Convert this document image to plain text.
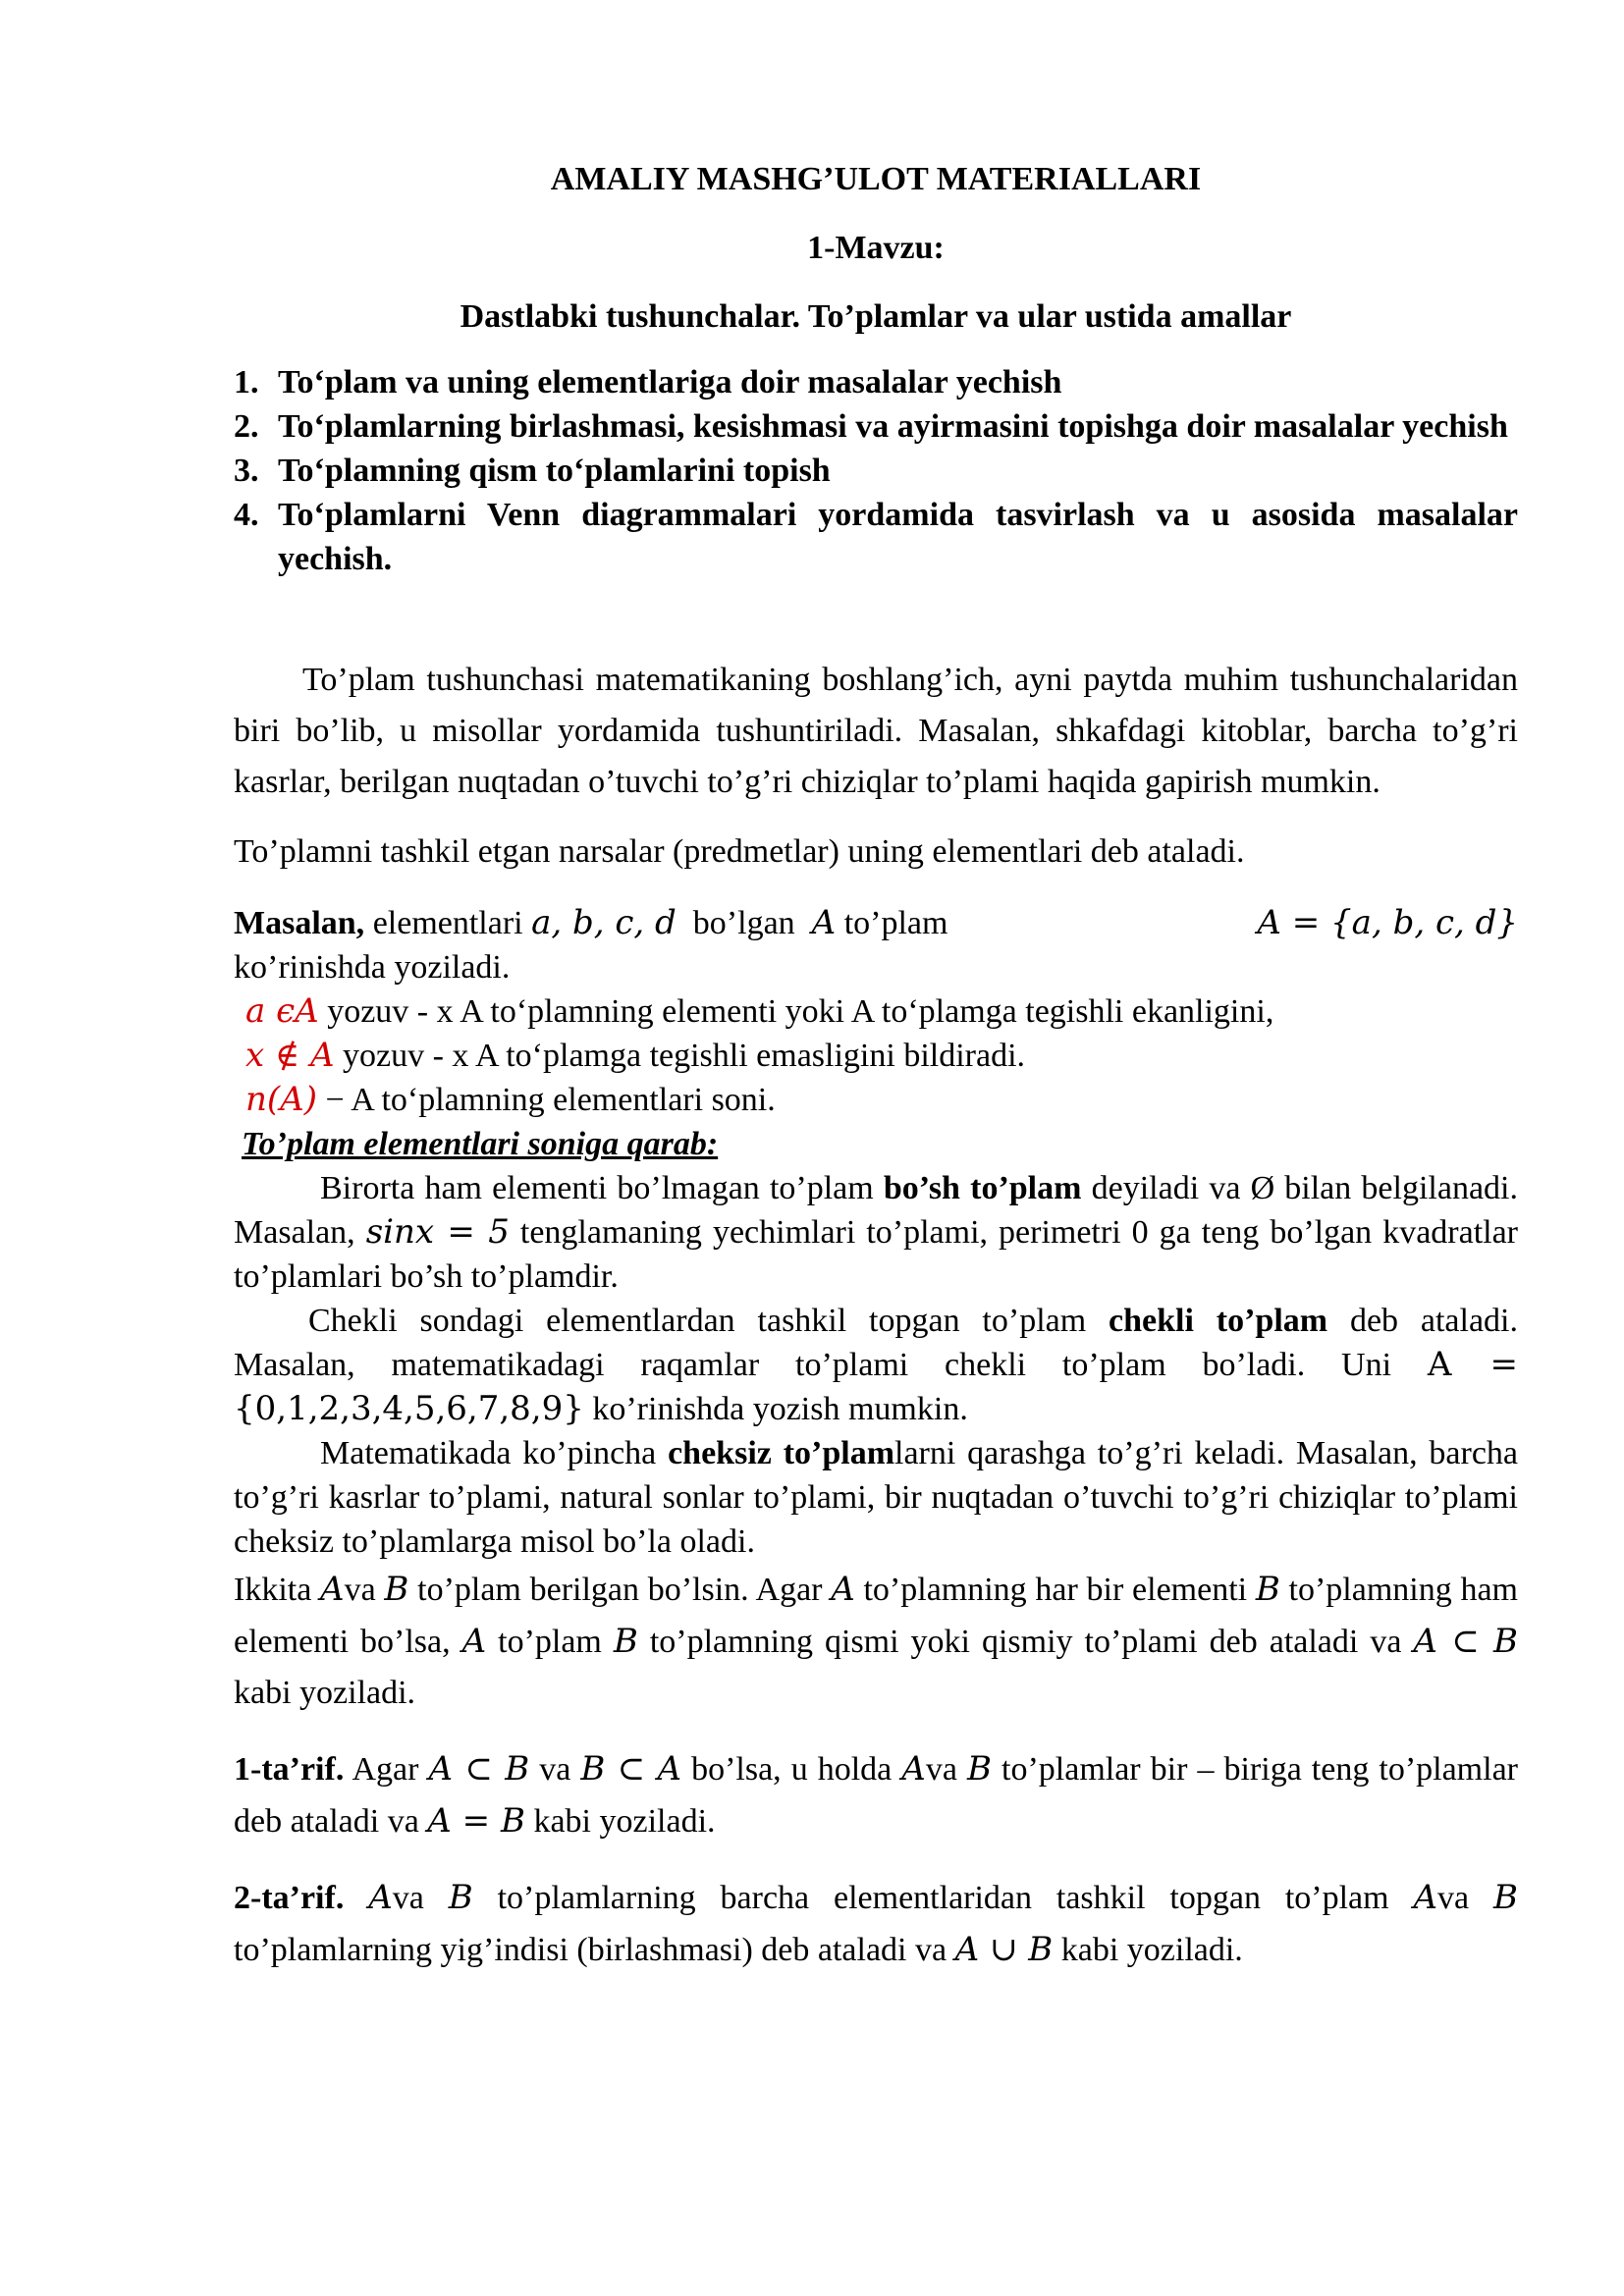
AMALIY MASHG’ULOT MATERIALLARI
1-Mavzu:
Dastlabki tushunchalar. To’plamlar va ular ustida amallar
1. To‘plam va uning elementlariga doir masalalar yechish
2. To‘plamlarning birlashmasi, kesishmasi va ayirmasini topishga doir masalalar yechish
3. To‘plamning qism to‘plamlarini topish
4. To‘plamlarni Venn diagrammalari yordamida tasvirlash va u asosida masalalar yechish.

To’plam tushunchasi matematikaning boshlang’ich, ayni paytda muhim tushunchalaridan biri bo’lib, u misollar yordamida tushuntiriladi. Masalan, shkafdagi kitoblar, barcha to’g’ri kasrlar, berilgan nuqtadan o’tuvchi to’g’ri chiziqlar to’plami haqida gapirish mumkin.

To’plamni tashkil etgan narsalar (predmetlar) uning elementlari deb ataladi.

Masalan, elementlari a, b, c, d bo’lgan A to’plam	A = {a, b, c, d}
ko’rinishda yoziladi.
a ϵA yozuv - x A to‘plamning elementi yoki A to‘plamga tegishli ekanligini,
x ∉ A yozuv - x A to‘plamga tegishli emasligini bildiradi.
n(A) − A to‘plamning elementlari soni.
To’plam elementlari soniga qarab:

Birorta ham elementi bo’lmagan to’plam bo’sh to’plam deyiladi va Ø bilan belgilanadi. Masalan, sinx = 5 tenglamaning yechimlari to’plami, perimetri 0 ga teng bo’lgan kvadratlar to’plamlari bo’sh to’plamdir.

Chekli sondagi elementlardan tashkil topgan to’plam chekli to’plam deb ataladi. Masalan, matematikadagi raqamlar to’plami chekli to’plam bo’ladi. Uni A = {0,1,2,3,4,5,6,7,8,9} ko’rinishda yozish mumkin.

Matematikada ko’pincha cheksiz to’plamlarni qarashga to’g’ri keladi. Masalan, barcha to’g’ri kasrlar to’plami, natural sonlar to’plami, bir nuqtadan o’tuvchi to’g’ri chiziqlar to’plami cheksiz to’plamlarga misol bo’la oladi.

Ikkita Ava B to’plam berilgan bo’lsin. Agar A to’plamning har bir elementi B to’plamning ham elementi bo’lsa, A to’plam B to’plamning qismi yoki qismiy to’plami deb ataladi va A ⊂ B kabi yoziladi.

1-ta’rif. Agar A ⊂ B va B ⊂ A bo’lsa, u holda Ava B to’plamlar bir – biriga teng to’plamlar deb ataladi va A = B kabi yoziladi.

2-ta’rif. Ava B to’plamlarning barcha elementlaridan tashkil topgan to’plam Ava B to’plamlarning yig’indisi (birlashmasi) deb ataladi va A ∪ B kabi yoziladi.
